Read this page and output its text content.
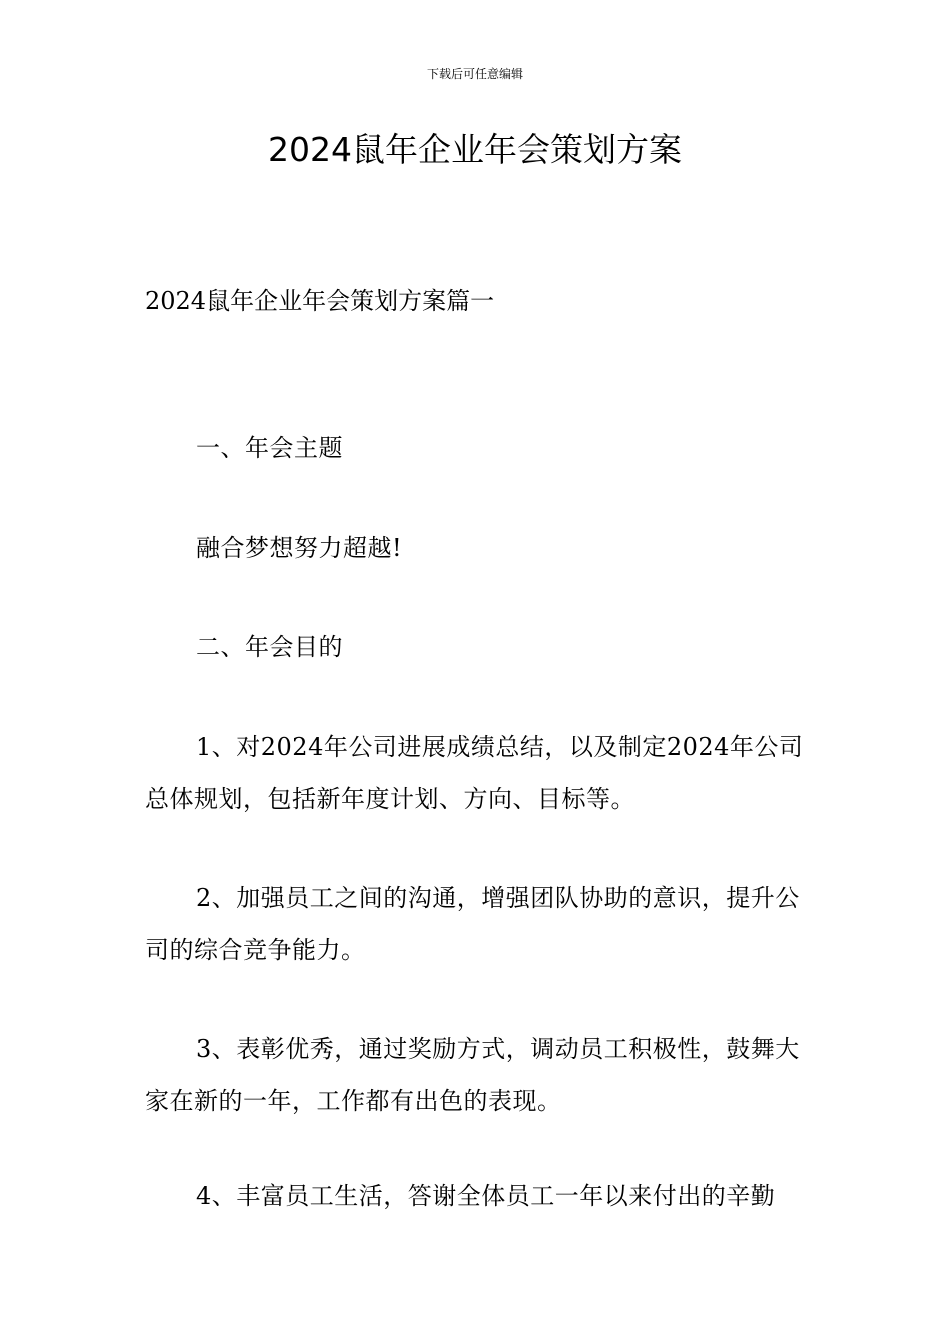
下载后可任意编辑
2024鼠年企业年会策划方案
2024鼠年企业年会策划方案篇一

一、年会主题

融合梦想努力超越!

二、年会目的

1、对2024年公司进展成绩总结，以及制定2024年公司总体规划，包括新年度计划、方向、目标等。

2、加强员工之间的沟通，增强团队协助的意识，提升公司的综合竞争能力。

3、表彰优秀，通过奖励方式，调动员工积极性，鼓舞大家在新的一年，工作都有出色的表现。

4、丰富员工生活，答谢全体员工一年以来付出的辛勤
